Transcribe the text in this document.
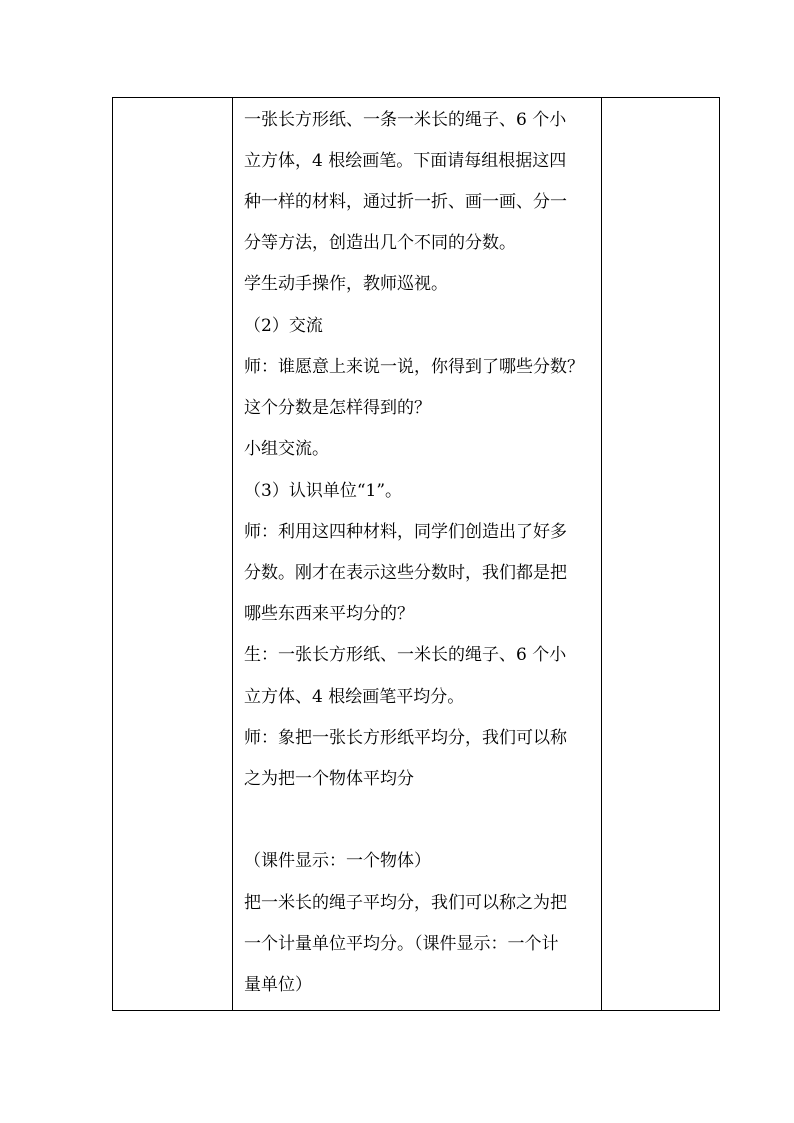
一张长方形纸、一条一米长的绳子、6 个小
立方体，4 根绘画笔。下面请每组根据这四
种一样的材料，通过折一折、画一画、分一
分等方法，创造出几个不同的分数。
学生动手操作，教师巡视。
（2）交流
师：谁愿意上来说一说，你得到了哪些分数？
这个分数是怎样得到的？
小组交流。
（3）认识单位“1”。
师：利用这四种材料，同学们创造出了好多
分数。刚才在表示这些分数时，我们都是把
哪些东西来平均分的？
生：一张长方形纸、一米长的绳子、6 个小
立方体、4 根绘画笔平均分。
师：象把一张长方形纸平均分，我们可以称
之为把一个物体平均分
（课件显示：一个物体）
把一米长的绳子平均分，我们可以称之为把
一个计量单位平均分。（课件显示：一个计
量单位）
